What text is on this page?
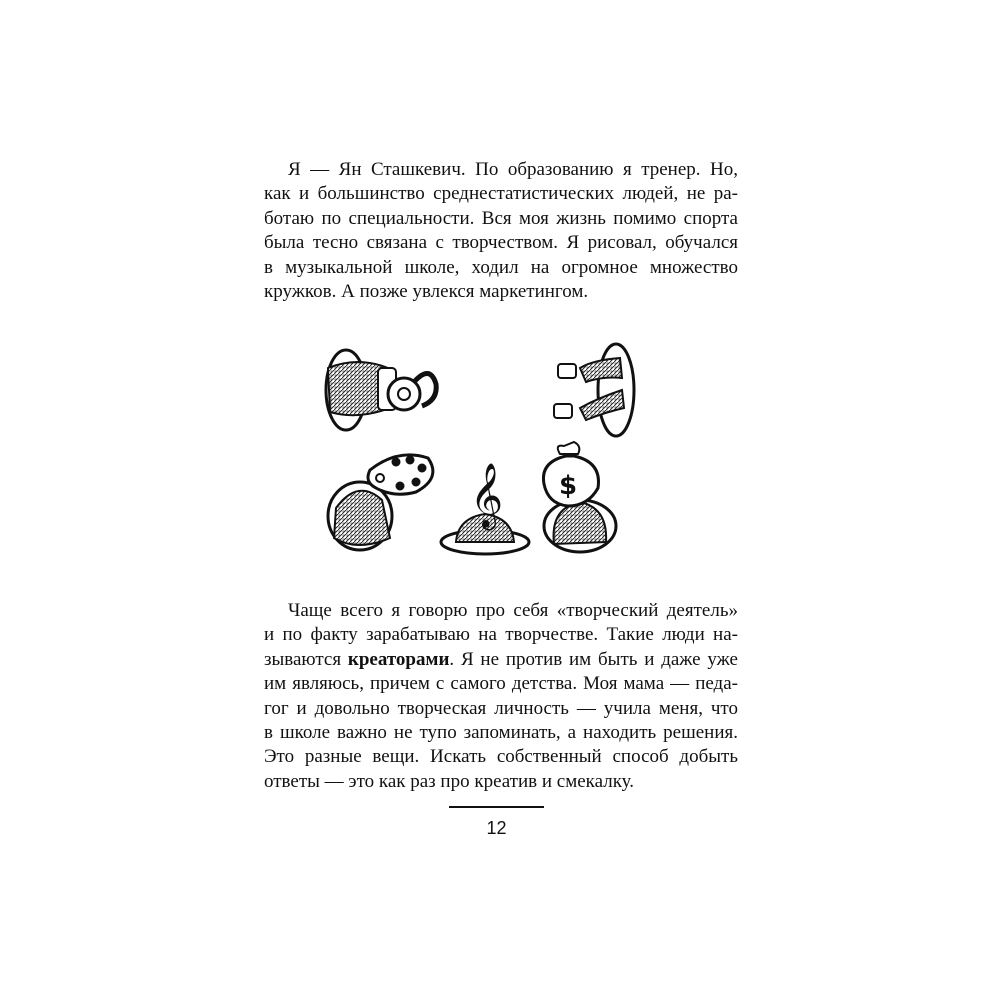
Я — Ян Сташкевич. По образованию я тренер. Но,
как и большинство среднестатистических людей, не ра-
ботаю по специальности. Вся моя жизнь помимо спорта
была тесно связана с творчеством. Я рисовал, обучался
в музыкальной школе, ходил на огромное множество
кружков. А позже увлекся маркетингом.
𝄞 $
Чаще всего я говорю про себя «творческий деятель»
и по факту зарабатываю на творчестве. Такие люди на-
зываются креаторами. Я не против им быть и даже уже
им являюсь, причем с самого детства. Моя мама — педа-
гог и довольно творческая личность — учила меня, что
в школе важно не тупо запоминать, а находить решения.
Это разные вещи. Искать собственный способ добыть
ответы — это как раз про креатив и смекалку.
12
